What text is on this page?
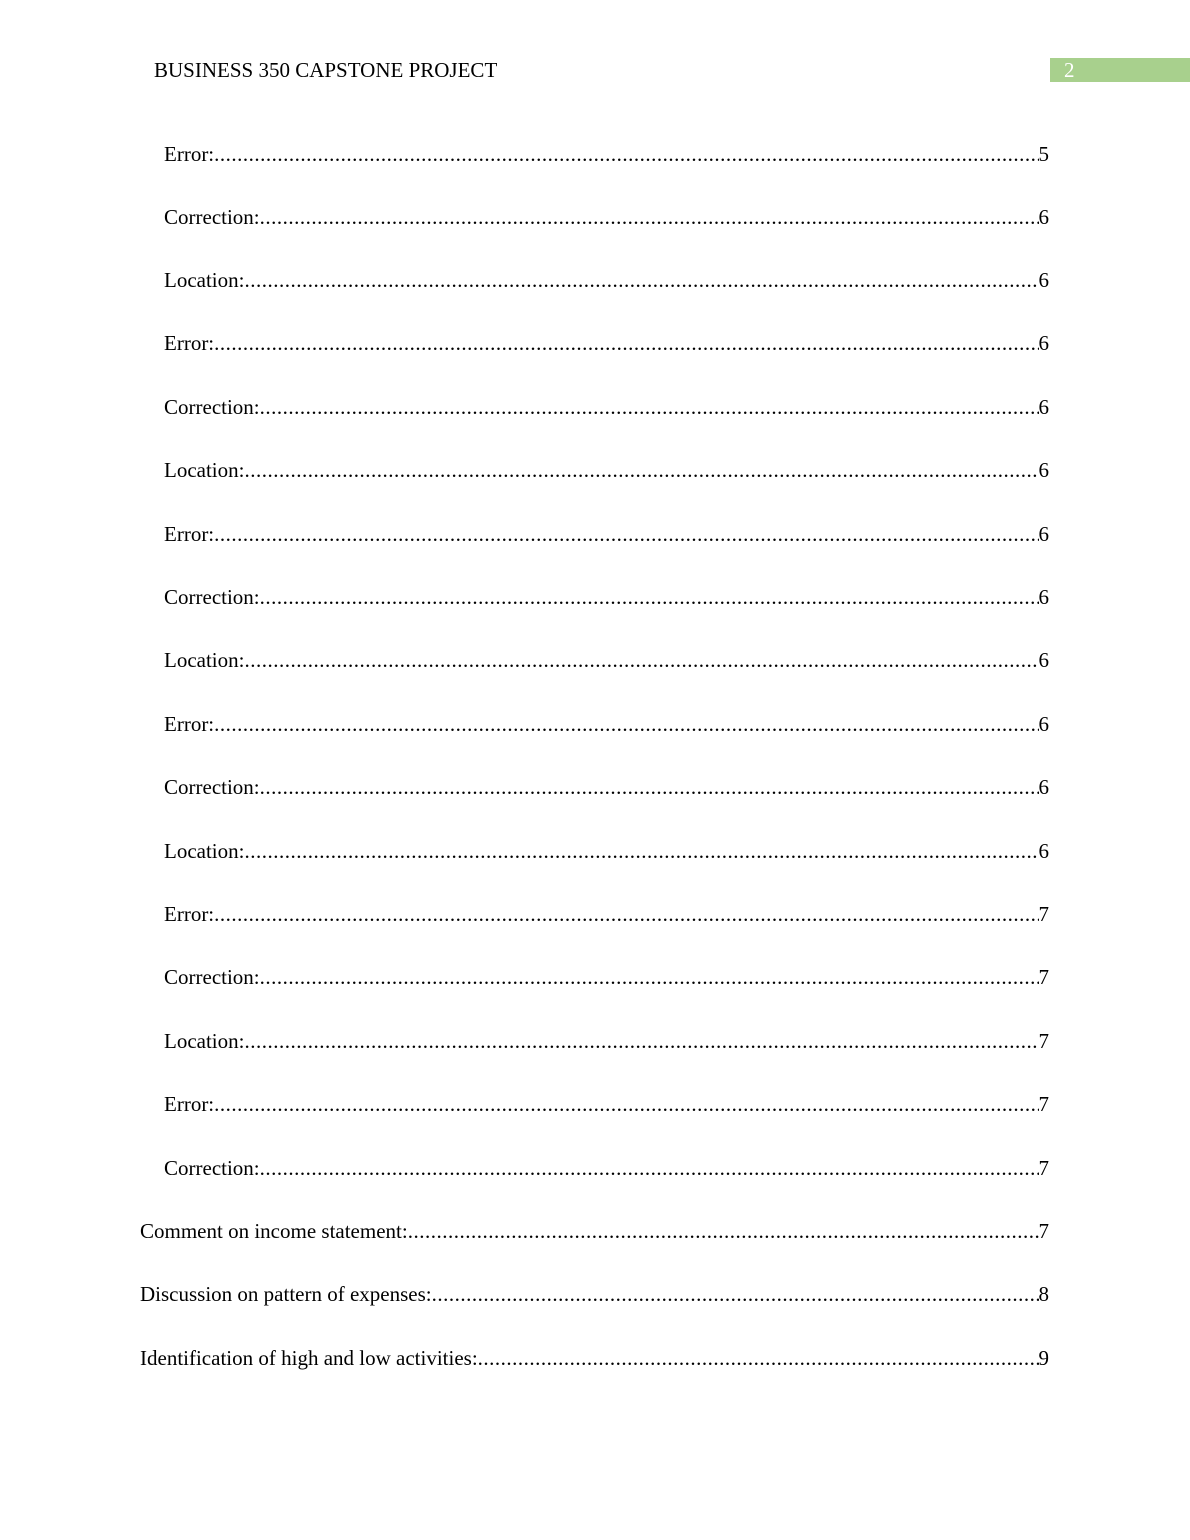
BUSINESS 350 CAPSTONE PROJECT	2
Error: .....	5
Correction: .....	6
Location: .....	6
Error: .....	6
Correction: .....	6
Location: .....	6
Error: .....	6
Correction: .....	6
Location: .....	6
Error: .....	6
Correction: .....	6
Location: .....	6
Error: .....	7
Correction: .....	7
Location: .....	7
Error: .....	7
Correction: .....	7
Comment on income statement: .....	7
Discussion on pattern of expenses: .....	8
Identification of high and low activities: .....	9
